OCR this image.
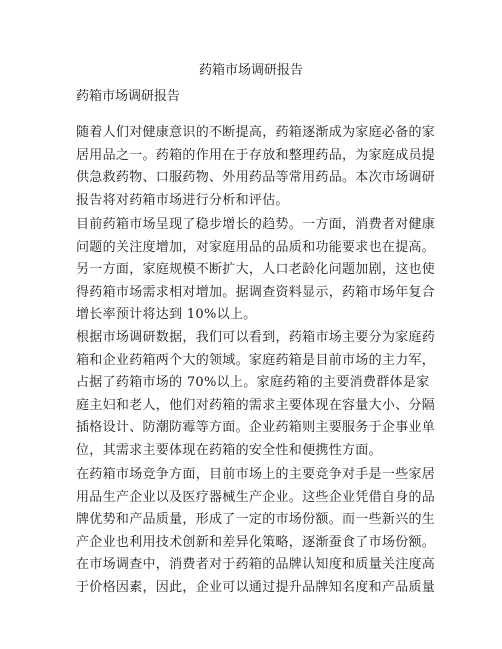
药箱市场调研报告

药箱市场调研报告

随着人们对健康意识的不断提高，药箱逐渐成为家庭必备的家
居用品之一。药箱的作用在于存放和整理药品，为家庭成员提
供急救药物、口服药物、外用药品等常用药品。本次市场调研
报告将对药箱市场进行分析和评估。
目前药箱市场呈现了稳步增长的趋势。一方面，消费者对健康
问题的关注度增加，对家庭用品的品质和功能要求也在提高。
另一方面，家庭规模不断扩大，人口老龄化问题加剧，这也使
得药箱市场需求相对增加。据调查资料显示，药箱市场年复合
增长率预计将达到 10%以上。
根据市场调研数据，我们可以看到，药箱市场主要分为家庭药
箱和企业药箱两个大的领域。家庭药箱是目前市场的主力军，
占据了药箱市场的 70%以上。家庭药箱的主要消费群体是家
庭主妇和老人，他们对药箱的需求主要体现在容量大小、分隔
插格设计、防潮防霉等方面。企业药箱则主要服务于企事业单
位，其需求主要体现在药箱的安全性和便携性方面。
在药箱市场竞争方面，目前市场上的主要竞争对手是一些家居
用品生产企业以及医疗器械生产企业。这些企业凭借自身的品
牌优势和产品质量，形成了一定的市场份额。而一些新兴的生
产企业也利用技术创新和差异化策略，逐渐蚕食了市场份额。
在市场调查中，消费者对于药箱的品牌认知度和质量关注度高
于价格因素，因此，企业可以通过提升品牌知名度和产品质量
